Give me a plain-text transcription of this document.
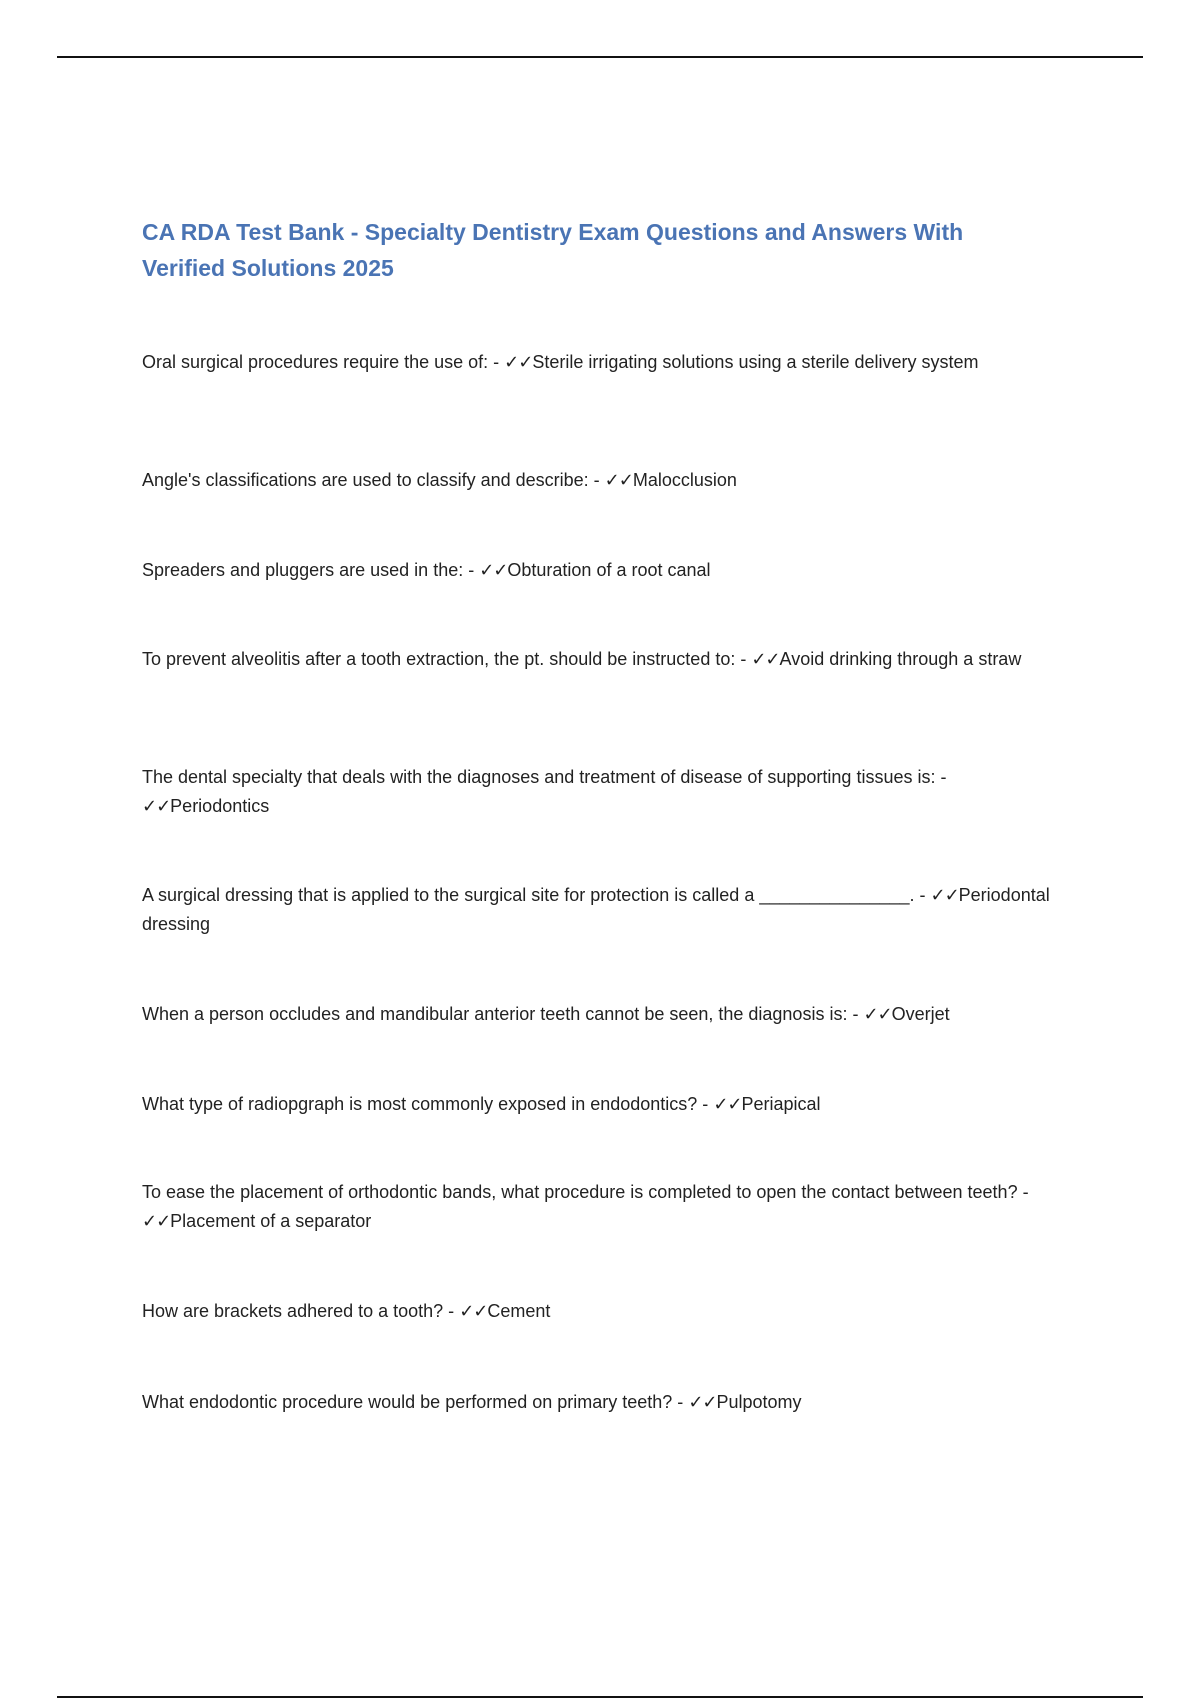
CA RDA Test Bank - Specialty Dentistry Exam Questions and Answers With Verified Solutions 2025

Oral surgical procedures require the use of: - ✓✓Sterile irrigating solutions using a sterile delivery system

Angle's classifications are used to classify and describe: - ✓✓Malocclusion

Spreaders and pluggers are used in the: - ✓✓Obturation of a root canal

To prevent alveolitis after a tooth extraction, the pt. should be instructed to: - ✓✓Avoid drinking through a straw

The dental specialty that deals with the diagnoses and treatment of disease of supporting tissues is: - ✓✓Periodontics

A surgical dressing that is applied to the surgical site for protection is called a _______________. - ✓✓Periodontal dressing

When a person occludes and mandibular anterior teeth cannot be seen, the diagnosis is: - ✓✓Overjet

What type of radiopgraph is most commonly exposed in endodontics? - ✓✓Periapical

To ease the placement of orthodontic bands, what procedure is completed to open the contact between teeth? - ✓✓Placement of a separator

How are brackets adhered to a tooth? - ✓✓Cement

What endodontic procedure would be performed on primary teeth? - ✓✓Pulpotomy
